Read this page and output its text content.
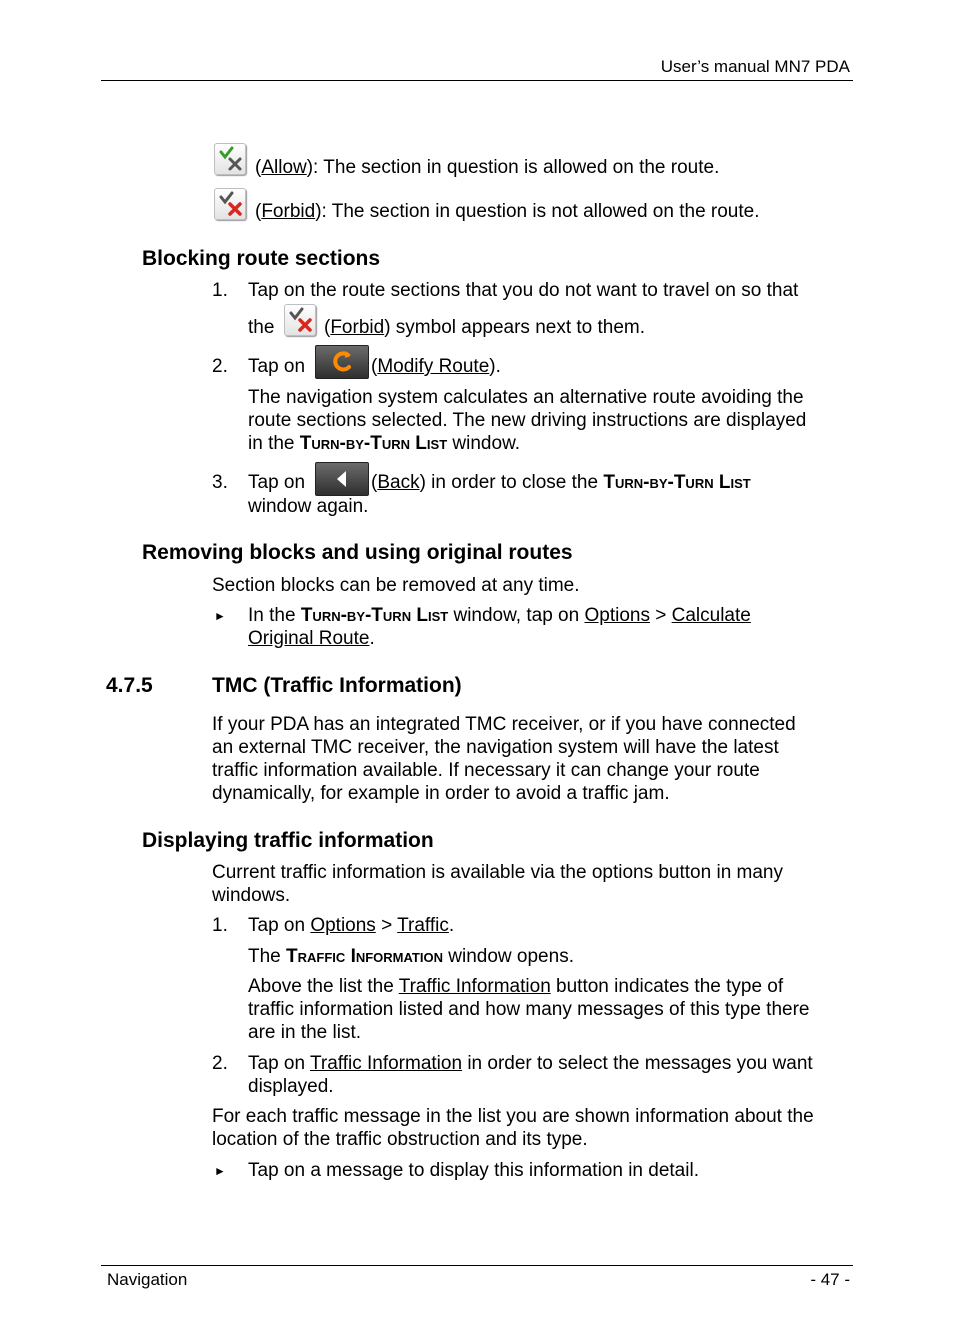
User’s manual MN7 PDA
(Allow): The section in question is allowed on the route.
(Forbid): The section in question is not allowed on the route.
Blocking route sections
1.	Tap on the route sections that you do not want to travel on so that
the	(Forbid) symbol appears next to them.
2.	Tap on	(Modify Route).
The navigation system calculates an alternative route avoiding the
route sections selected. The new driving instructions are displayed
in the Turn-by-Turn List window.
3.	Tap on	(Back) in order to close the Turn-by-Turn List
window again.
Removing blocks and using original routes
Section blocks can be removed at any time.
► In the Turn-by-Turn List window, tap on Options > Calculate
Original Route.
4.7.5	TMC (Traffic Information)
If your PDA has an integrated TMC receiver, or if you have connected
an external TMC receiver, the navigation system will have the latest
traffic information available. If necessary it can change your route
dynamically, for example in order to avoid a traffic jam.
Displaying traffic information
Current traffic information is available via the options button in many
windows.
1.	Tap on Options > Traffic.
The Traffic Information window opens.
Above the list the Traffic Information button indicates the type of
traffic information listed and how many messages of this type there
are in the list.
2.	Tap on Traffic Information in order to select the messages you want
displayed.
For each traffic message in the list you are shown information about the
location of the traffic obstruction and its type.
► Tap on a message to display this information in detail.
Navigation	- 47 -
